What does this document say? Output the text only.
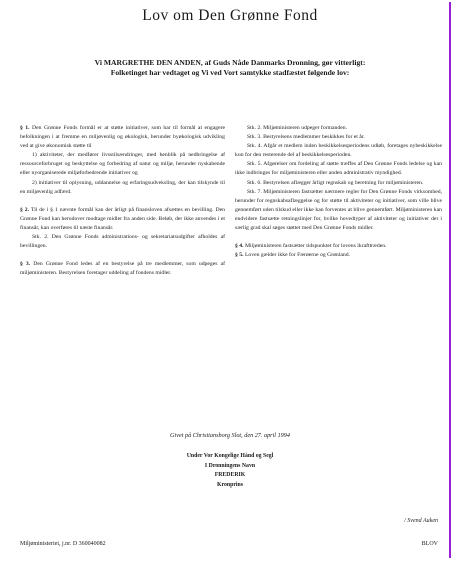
Lov om Den Grønne Fond
Vi MARGRETHE DEN ANDEN, af Guds Nåde Danmarks Dronning, gør vitterligt:
Folketinget har vedtaget og Vi ved Vort samtykke stadfæstet følgende lov:

§ 1. Den Grønne Fonds formål er at støtte initiativer, som har til formål at engagere befolkningen i at fremme en miljøvenlig og økologisk, herunder byøkologisk udvikling ved at give økonomisk støtte til

1) aktiviteter, der medfører livsstilsændringer, med henblik på nedbringelse af ressourceforbruget og beskyttelse og forbedring af natur og miljø, herunder nyskabende eller nyorganiserede miljøforbedrende initiativer og

2) initiativer til oplysning, uddannelse og erfaringsudveksling, der kan tilskynde til en miljøvenlig adfærd.

§ 2. Til de i § 1 nævnte formål kan der årligt på finansloven afsættes en bevilling. Den Grønne Fond kan herudover modtage midler fra anden side. Beløb, der ikke anvendes i et finansår, kan overføres til næste finansår.

Stk. 2. Den Grønne Fonds administrations- og sekretariatsudgifter afholdes af bevillingen.

§ 3. Den Grønne Fond ledes af en bestyrelse på tre medlemmer, som udpeges af miljøministeren. Bestyrelsen foretager uddeling af fondens midler.

Stk. 2. Miljøministeren udpeger formanden.

Stk. 3. Bestyrelsens medlemmer beskikkes for et år.

Stk. 4. Afgår et medlem inden beskikkelsesperiodens udløb, foretages nybeskikkelse kun for den resterende del af beskikkelsesperioden.

Stk. 5. Afgørelser om fordeling af støtte træffes af Den Grønne Fonds ledelse og kan ikke indbringes for miljøministeren eller anden administrativ myndighed.

Stk. 6. Bestyrelsen aflægger årligt regnskab og beretning for miljøministeren.

Stk. 7. Miljøministeren fastsætter nærmere regler for Den Grønne Fonds virksomhed, herunder for regnskabsaflæggelse og for støtte til aktiviteter og initiativer, som ville blive gennemført uden tilskud eller ikke kan forventes at blive gennemført. Miljøministeren kan endvidere fastsætte retningslinjer for, hvilke hovedtyper af aktiviteter og initiativer der i særlig grad skal søges støttet med Den Grønne Fonds midler.

§ 4. Miljøministeren fastsætter tidspunktet for lovens ikrafttræden.

§ 5. Loven gælder ikke for Færøerne og Grønland.

Givet på Christiansborg Slot, den 27. april 1994
Under Vor Kongelige Hånd og Segl
I Dronningens Navn
FREDERIK
Kronprins
/ Svend Auken
Miljøministeriet, j.nr. D 360040082	BLOV
